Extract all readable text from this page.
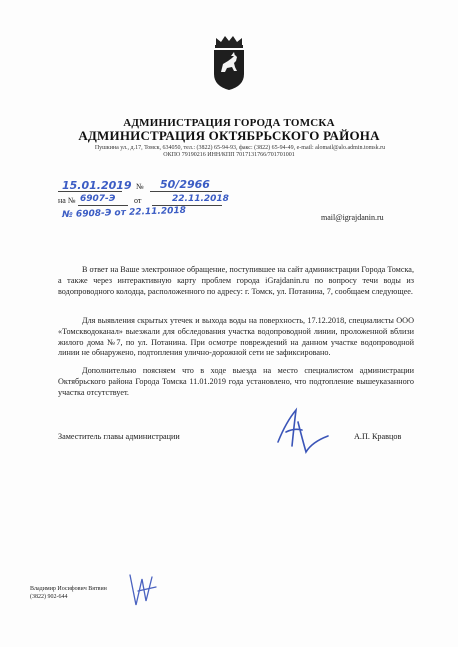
АДМИНИСТРАЦИЯ ГОРОДА ТОМСКА
АДМИНИСТРАЦИЯ ОКТЯБРЬСКОГО РАЙОНА
Пушкина ул., д.17, Томск, 634050, тел.: (3822) 65-94-93, факс: (3822) 65-94-49, e-mail: alomail@alo.admin.tomsk.ru
ОКПО 79190216 ИНН/КПП 7017131766/701701001
15.01.2019 № 50/2966
на № 6907-Э от	22.11.2018
№ 6908-Э от 22.11.2018	mail@igrajdanin.ru

В ответ на Ваше электронное обращение, поступившее на сайт администрации Города Томска, а также через интерактивную карту проблем города iGrajdanin.ru по вопросу течи воды из водопроводного колодца, расположенного по адресу: г. Томск, ул. Потанина, 7, сообщаем следующее.

Для выявления скрытых утечек и выхода воды на поверхность, 17.12.2018, специалисты ООО «Томскводоканал» выезжали для обследования участка водопроводной линии, проложенной вблизи жилого дома №7, по ул. Потанина. При осмотре повреждений на данном участке водопроводной линии не обнаружено, подтопления улично-дорожной сети не зафиксировано.

Дополнительно поясняем что в ходе выезда на место специалистом администрации Октябрьского района Города Томска 11.01.2019 года установлено, что подтопление вышеуказанного участка отсутствует.

Заместитель главы администрации	А.П. Кравцов
Владимир Иосифович Вятвин
(3822) 902-644
